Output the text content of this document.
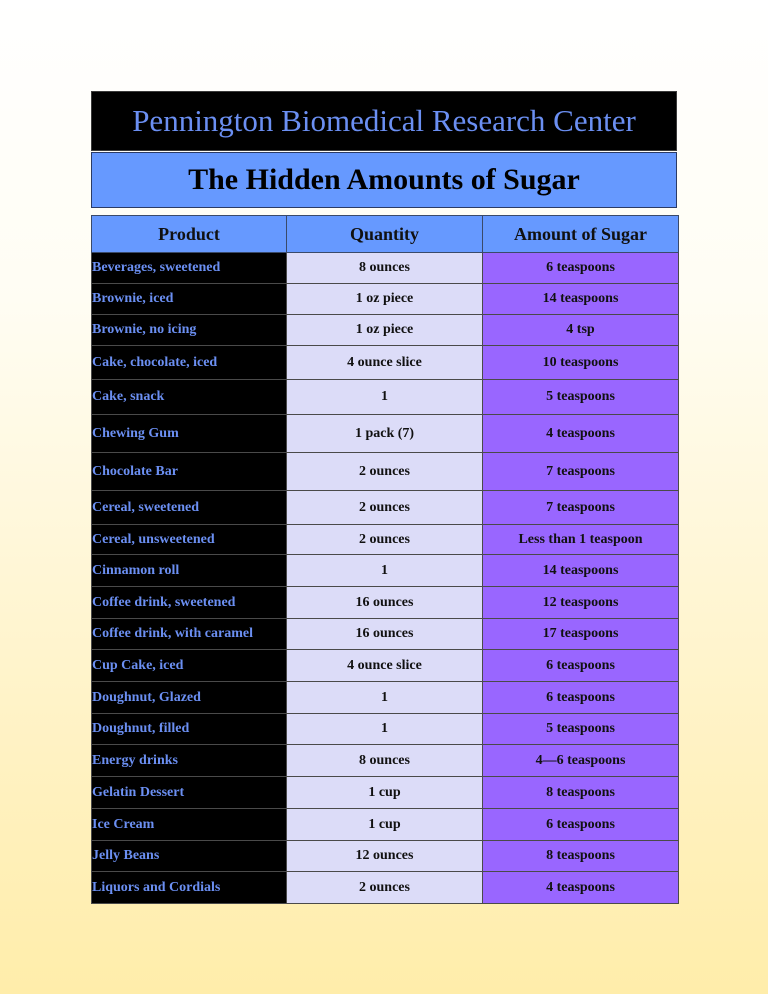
Pennington Biomedical Research Center
The Hidden Amounts of Sugar
Product	Quantity	Amount of Sugar
Beverages, sweetened	8 ounces	6 teaspoons
Brownie, iced	1 oz piece	14 teaspoons
Brownie, no icing	1 oz piece	4 tsp
Cake, chocolate, iced	4 ounce slice	10 teaspoons
Cake, snack	1	5 teaspoons
Chewing Gum	1 pack (7)	4 teaspoons
Chocolate Bar	2 ounces	7 teaspoons
Cereal, sweetened	2 ounces	7 teaspoons
Cereal, unsweetened	2 ounces	Less than 1 teaspoon
Cinnamon roll	1	14 teaspoons
Coffee drink, sweetened	16 ounces	12 teaspoons
Coffee drink, with caramel	16 ounces	17 teaspoons
Cup Cake, iced	4 ounce slice	6 teaspoons
Doughnut, Glazed	1	6 teaspoons
Doughnut, filled	1	5 teaspoons
Energy drinks	8 ounces	4—6 teaspoons
Gelatin Dessert	1 cup	8 teaspoons
Ice Cream	1 cup	6 teaspoons
Jelly Beans	12 ounces	8 teaspoons
Liquors and Cordials	2 ounces	4 teaspoons
